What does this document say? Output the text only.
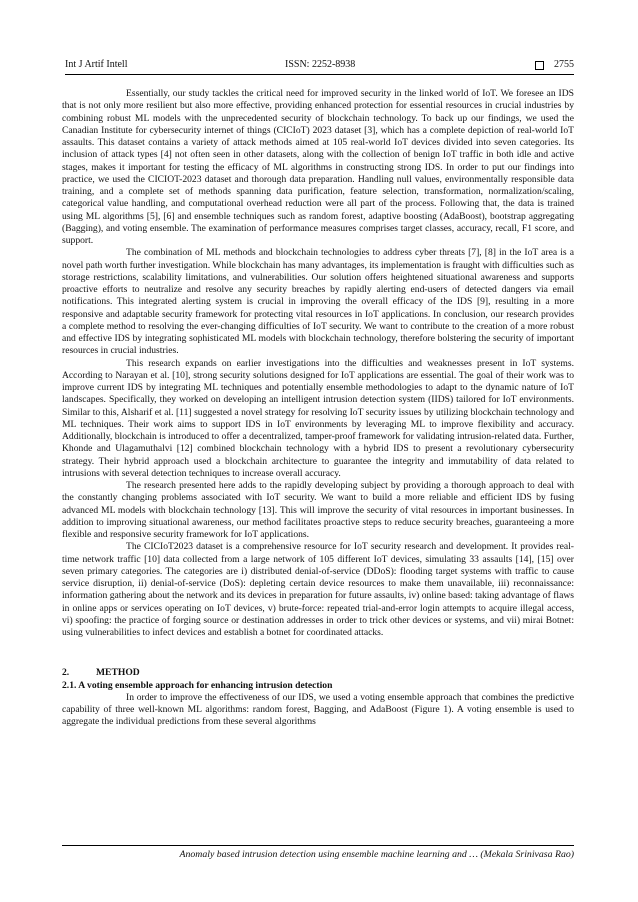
Int J Artif Intell	ISSN: 2252-8938	2755

Essentially, our study tackles the critical need for improved security in the linked world of IoT. We foresee an IDS that is not only more resilient but also more effective, providing enhanced protection for essential resources in crucial industries by combining robust ML models with the unprecedented security of blockchain technology. To back up our findings, we used the Canadian Institute for cybersecurity internet of things (CICIoT) 2023 dataset [3], which has a complete depiction of real-world IoT assaults. This dataset contains a variety of attack methods aimed at 105 real-world IoT devices divided into seven categories. Its inclusion of attack types [4] not often seen in other datasets, along with the collection of benign IoT traffic in both idle and active stages, makes it important for testing the efficacy of ML algorithms in constructing strong IDS. In order to put our findings into practice, we used the CICIOT-2023 dataset and thorough data preparation. Handling null values, environmentally responsible data training, and a complete set of methods spanning data purification, feature selection, transformation, normalization/scaling, categorical value handling, and computational overhead reduction were all part of the process. Following that, the data is trained using ML algorithms [5], [6] and ensemble techniques such as random forest, adaptive boosting (AdaBoost), bootstrap aggregating (Bagging), and voting ensemble. The examination of performance measures comprises target classes, accuracy, recall, F1 score, and support.

The combination of ML methods and blockchain technologies to address cyber threats [7], [8] in the IoT area is a novel path worth further investigation. While blockchain has many advantages, its implementation is fraught with difficulties such as storage restrictions, scalability limitations, and vulnerabilities. Our solution offers heightened situational awareness and supports proactive efforts to neutralize and resolve any security breaches by rapidly alerting end-users of detected dangers via email notifications. This integrated alerting system is crucial in improving the overall efficacy of the IDS [9], resulting in a more responsive and adaptable security framework for protecting vital resources in IoT applications. In conclusion, our research provides a complete method to resolving the ever-changing difficulties of IoT security. We want to contribute to the creation of a more robust and effective IDS by integrating sophisticated ML models with blockchain technology, therefore bolstering the security of important resources in crucial industries.

This research expands on earlier investigations into the difficulties and weaknesses present in IoT systems. According to Narayan et al. [10], strong security solutions designed for IoT applications are essential. The goal of their work was to improve current IDS by integrating ML techniques and potentially ensemble methodologies to adapt to the dynamic nature of IoT landscapes. Specifically, they worked on developing an intelligent intrusion detection system (IIDS) tailored for IoT environments. Similar to this, Alsharif et al. [11] suggested a novel strategy for resolving IoT security issues by utilizing blockchain technology and ML techniques. Their work aims to support IDS in IoT environments by leveraging ML to improve flexibility and accuracy. Additionally, blockchain is introduced to offer a decentralized, tamper-proof framework for validating intrusion-related data. Further, Khonde and Ulagamuthalvi [12] combined blockchain technology with a hybrid IDS to present a revolutionary cybersecurity strategy. Their hybrid approach used a blockchain architecture to guarantee the integrity and immutability of data related to intrusions with several detection techniques to increase overall accuracy.

The research presented here adds to the rapidly developing subject by providing a thorough approach to deal with the constantly changing problems associated with IoT security. We want to build a more reliable and efficient IDS by fusing advanced ML models with blockchain technology [13]. This will improve the security of vital resources in important businesses. In addition to improving situational awareness, our method facilitates proactive steps to reduce security breaches, guaranteeing a more flexible and responsive security framework for IoT applications.

The CICIoT2023 dataset is a comprehensive resource for IoT security research and development. It provides real-time network traffic [10] data collected from a large network of 105 different IoT devices, simulating 33 assaults [14], [15] over seven primary categories. The categories are i) distributed denial-of-service (DDoS): flooding target systems with traffic to cause service disruption, ii) denial-of-service (DoS): depleting certain device resources to make them unavailable, iii) reconnaissance: information gathering about the network and its devices in preparation for future assaults, iv) online based: taking advantage of flaws in online apps or services operating on IoT devices, v) brute-force: repeated trial-and-error login attempts to acquire illegal access, vi) spoofing: the practice of forging source or destination addresses in order to trick other devices or systems, and vii) mirai Botnet: using vulnerabilities to infect devices and establish a botnet for coordinated attacks.

2.	METHOD
2.1. A voting ensemble approach for enhancing intrusion detection

In order to improve the effectiveness of our IDS, we used a voting ensemble approach that combines the predictive capability of three well-known ML algorithms: random forest, Bagging, and AdaBoost (Figure 1). A voting ensemble is used to aggregate the individual predictions from these several algorithms

Anomaly based intrusion detection using ensemble machine learning and … (Mekala Srinivasa Rao)
